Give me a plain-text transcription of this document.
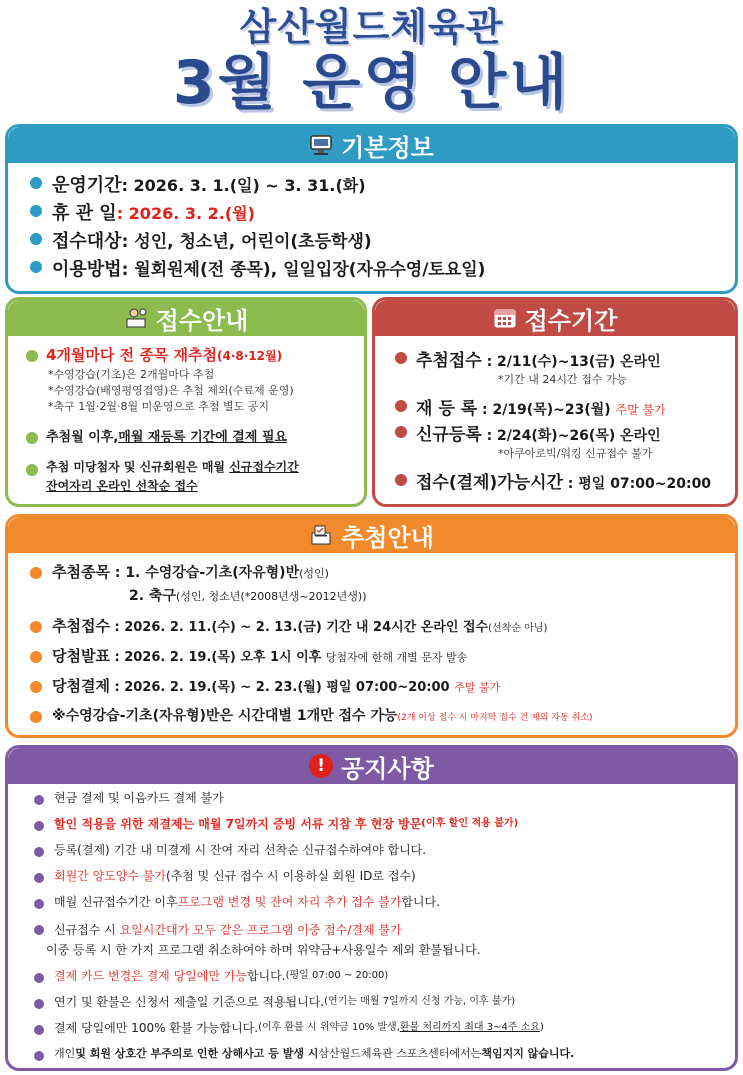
삼산월드체육관
3월 운영 안내
기본정보
운영기간 : 2026. 3. 1.(일) ~ 3. 31.(화)
휴 관 일 : 2026. 3. 2.(월)
접수대상 : 성인, 청소년, 어린이(초등학생)
이용방법 : 월회원제(전 종목), 일일입장(자유수영/토요일)
접수안내
4개월마다 전 종목 재추첨 (4·8·12월)
*수영강습(기초)은 2개월마다 추첨
*수영강습(배영평영접영)은 추첨 제외(수료제 운영)
*축구 1월·2월·8월 미운영으로 추첨 별도 공지
추첨월 이후, 매월 재등록 기간에 결제 필요
추첨 미당첨자 및 신규회원은 매월 신규접수기간
잔여자리 온라인 선착순 접수
접수기간
추첨접수 : 2/11(수)~13(금) 온라인
*기간 내 24시간 접수 가능
재 등 록 : 2/19(목)~23(월) 주말 불가
신규등록 : 2/24(화)~26(목) 온라인
*아쿠아로빅/워킹 신규접수 불가
접수(결제)가능시간 : 평일 07:00~20:00
추첨안내
추첨종목 : 1. 수영강습-기초(자유형)반(성인)
2. 축구(성인, 청소년(*2008년생~2012년생))
추첨접수 : 2026. 2. 11.(수) ~ 2. 13.(금) 기간 내 24시간 온라인 접수(선착순 아님)
당첨발표 : 2026. 2. 19.(목) 오후 1시 이후 당첨자에 한해 개별 문자 발송
당첨결제 : 2026. 2. 19.(목) ~ 2. 23.(월) 평일 07:00~20:00 주말 불가
※수영강습-기초(자유형)반은 시간대별 1개만 접수 가능(2개 이상 접수 시 마지막 접수 건 제외 자동 취소)
! 공지사항
현금 결제 및 이음카드 결제 불가
할인 적용을 위한 재결제는 매월 7일까지 증빙 서류 지참 후 현장 방문 (이후 할인 적용 불가)
등록(결제) 기간 내 미결제 시 잔여 자리 선착순 신규접수하여야 합니다.
회원간 양도양수 불가 (추첨 및 신규 접수 시 이용하실 회원 ID로 접수)
매월 신규접수기간 이후 프로그램 변경 및 잔여 자리 추가 접수 불가 합니다.
신규접수 시 요일시간대가 모두 같은 프로그램 이중 접수/결제 불가
이중 등록 시 한 가지 프로그램 취소하여야 하며 위약금+사용일수 제외 환불됩니다.
결제 카드 변경은 결제 당일에만 가능 합니다. (평일 07:00 ~ 20:00)
연기 및 환불은 신청서 제출일 기준으로 적용됩니다. (연기는 매월 7일까지 신청 가능, 이후 불가)
결제 당일에만 100% 환불 가능합니다. (이후 환불 시 위약금 10% 발생, 환불 처리까지 최대 3~4주 소요 )
개인 및 회원 상호간 부주의로 인한 상해사고 등 발생 시 삼산월드체육관 스포츠센터에서는 책임지지 않습니다.
